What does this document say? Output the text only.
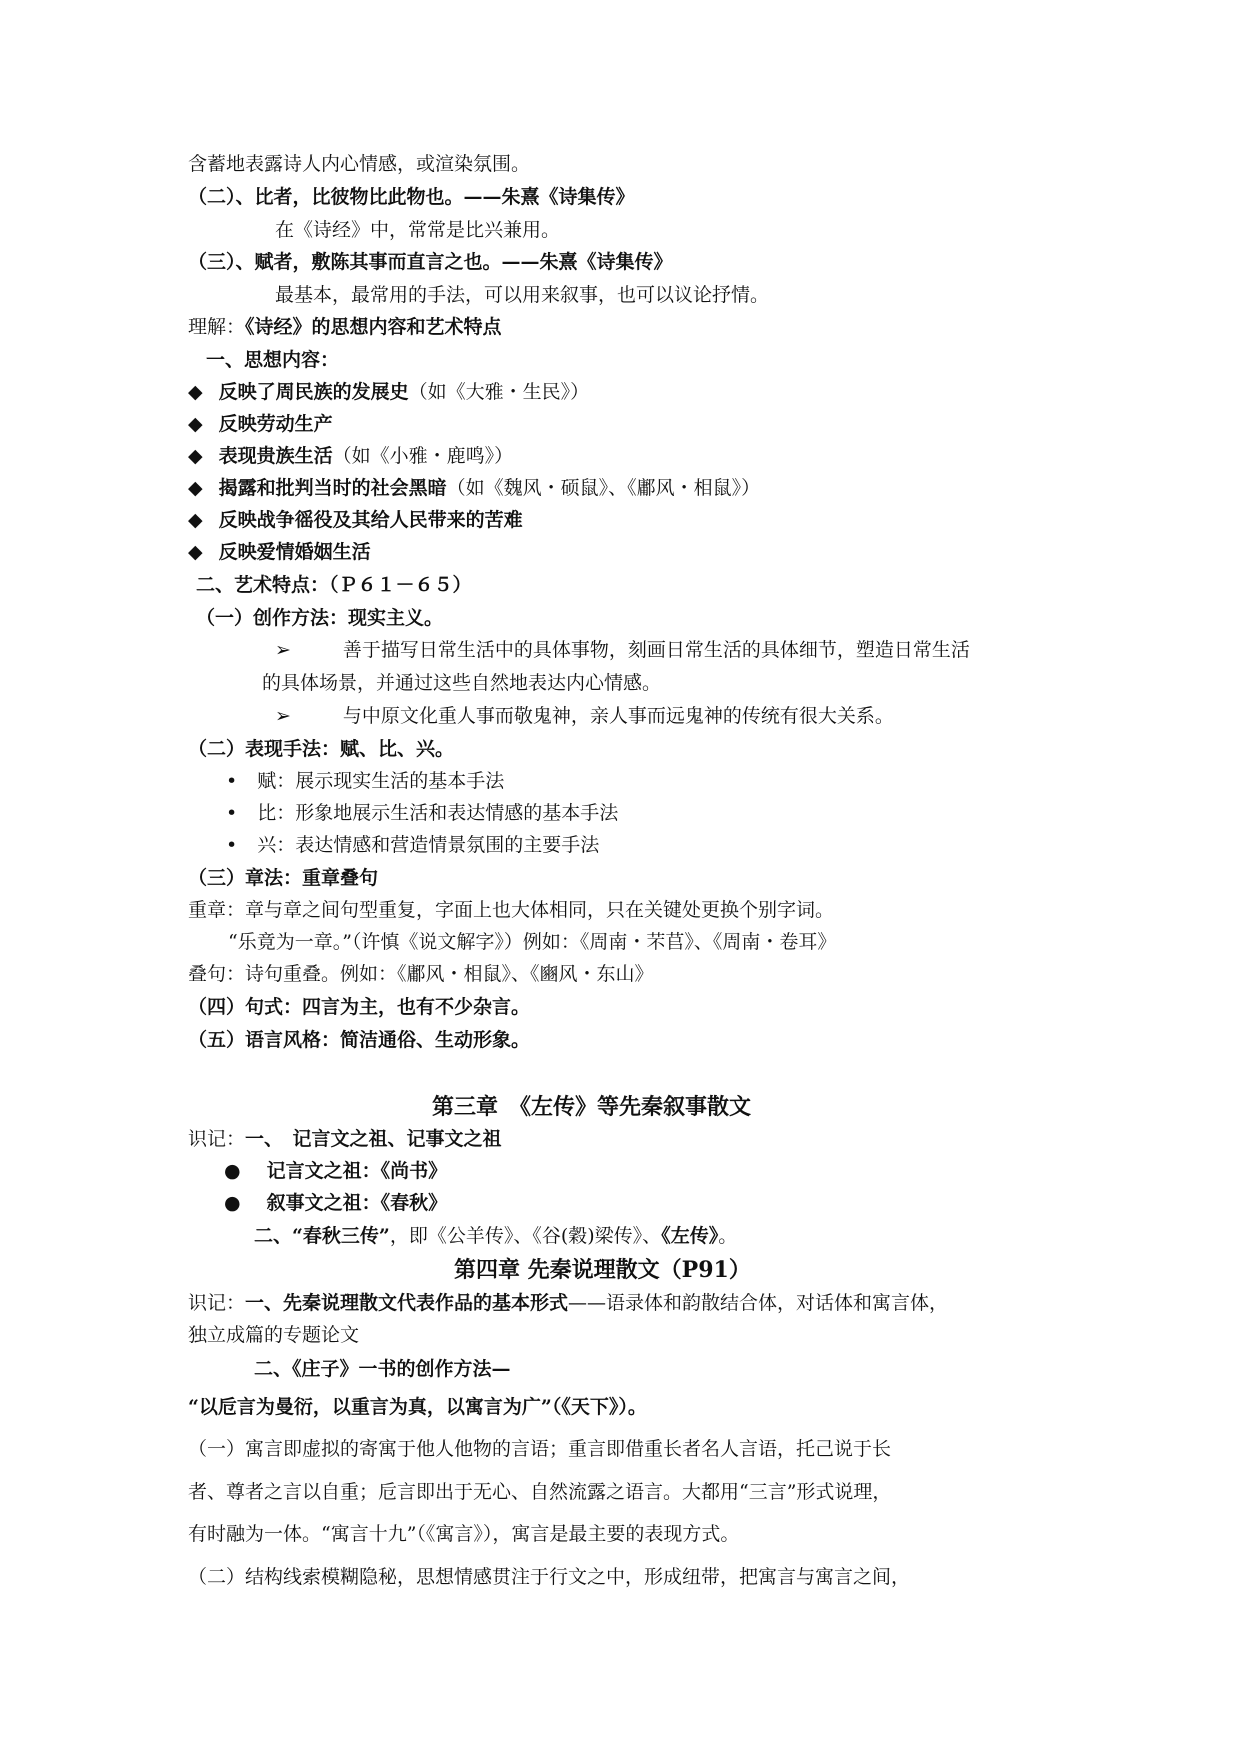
含蓄地表露诗人内心情感，或渲染氛围。
（二）、比者，比彼物比此物也。——朱熹《诗集传》
在《诗经》中，常常是比兴兼用。
（三）、赋者，敷陈其事而直言之也。——朱熹《诗集传》
最基本，最常用的手法，可以用来叙事，也可以议论抒情。
理解：《诗经》的思想内容和艺术特点
一、思想内容：
◆ 反映了周民族的发展史（如《大雅・生民》）
◆ 反映劳动生产
◆ 表现贵族生活（如《小雅・鹿鸣》）
◆ 揭露和批判当时的社会黑暗（如《魏风・硕鼠》、《鄘风・相鼠》）
◆ 反映战争徭役及其给人民带来的苦难
◆ 反映爱情婚姻生活
二、艺术特点：（Ｐ６１－６５）
（一）创作方法：现实主义。
➢	善于描写日常生活中的具体事物，刻画日常生活的具体细节，塑造日常生活
的具体场景，并通过这些自然地表达内心情感。
➢	与中原文化重人事而敬鬼神，亲人事而远鬼神的传统有很大关系。
（二）表现手法：赋、比、兴。
• 赋：展示现实生活的基本手法
• 比：形象地展示生活和表达情感的基本手法
• 兴：表达情感和营造情景氛围的主要手法
（三）章法：重章叠句
重章：章与章之间句型重复，字面上也大体相同，只在关键处更换个别字词。
“乐竟为一章。”（许慎《说文解字》）例如：《周南・芣苢》、《周南・卷耳》
叠句：诗句重叠。例如：《鄘风・相鼠》、《豳风・东山》
（四）句式：四言为主，也有不少杂言。
（五）语言风格：简洁通俗、生动形象。
第三章　《左传》等先秦叙事散文
识记：一、　记言文之祖、记事文之祖
● 记言文之祖：《尚书》
● 叙事文之祖：《春秋》
二、“春秋三传”，即《公羊传》、《谷(穀)梁传》、《左传》。
第四章 先秦说理散文（P91）
识记：一、先秦说理散文代表作品的基本形式——语录体和韵散结合体，对话体和寓言体，
独立成篇的专题论文
二、《庄子》一书的创作方法—
“以卮言为曼衍，以重言为真，以寓言为广”（《天下》）。
（一）寓言即虚拟的寄寓于他人他物的言语；重言即借重长者名人言语，托己说于长
者、尊者之言以自重；卮言即出于无心、自然流露之语言。大都用“三言”形式说理，
有时融为一体。“寓言十九”（《寓言》），寓言是最主要的表现方式。
（二）结构线索模糊隐秘，思想情感贯注于行文之中，形成纽带，把寓言与寓言之间，
